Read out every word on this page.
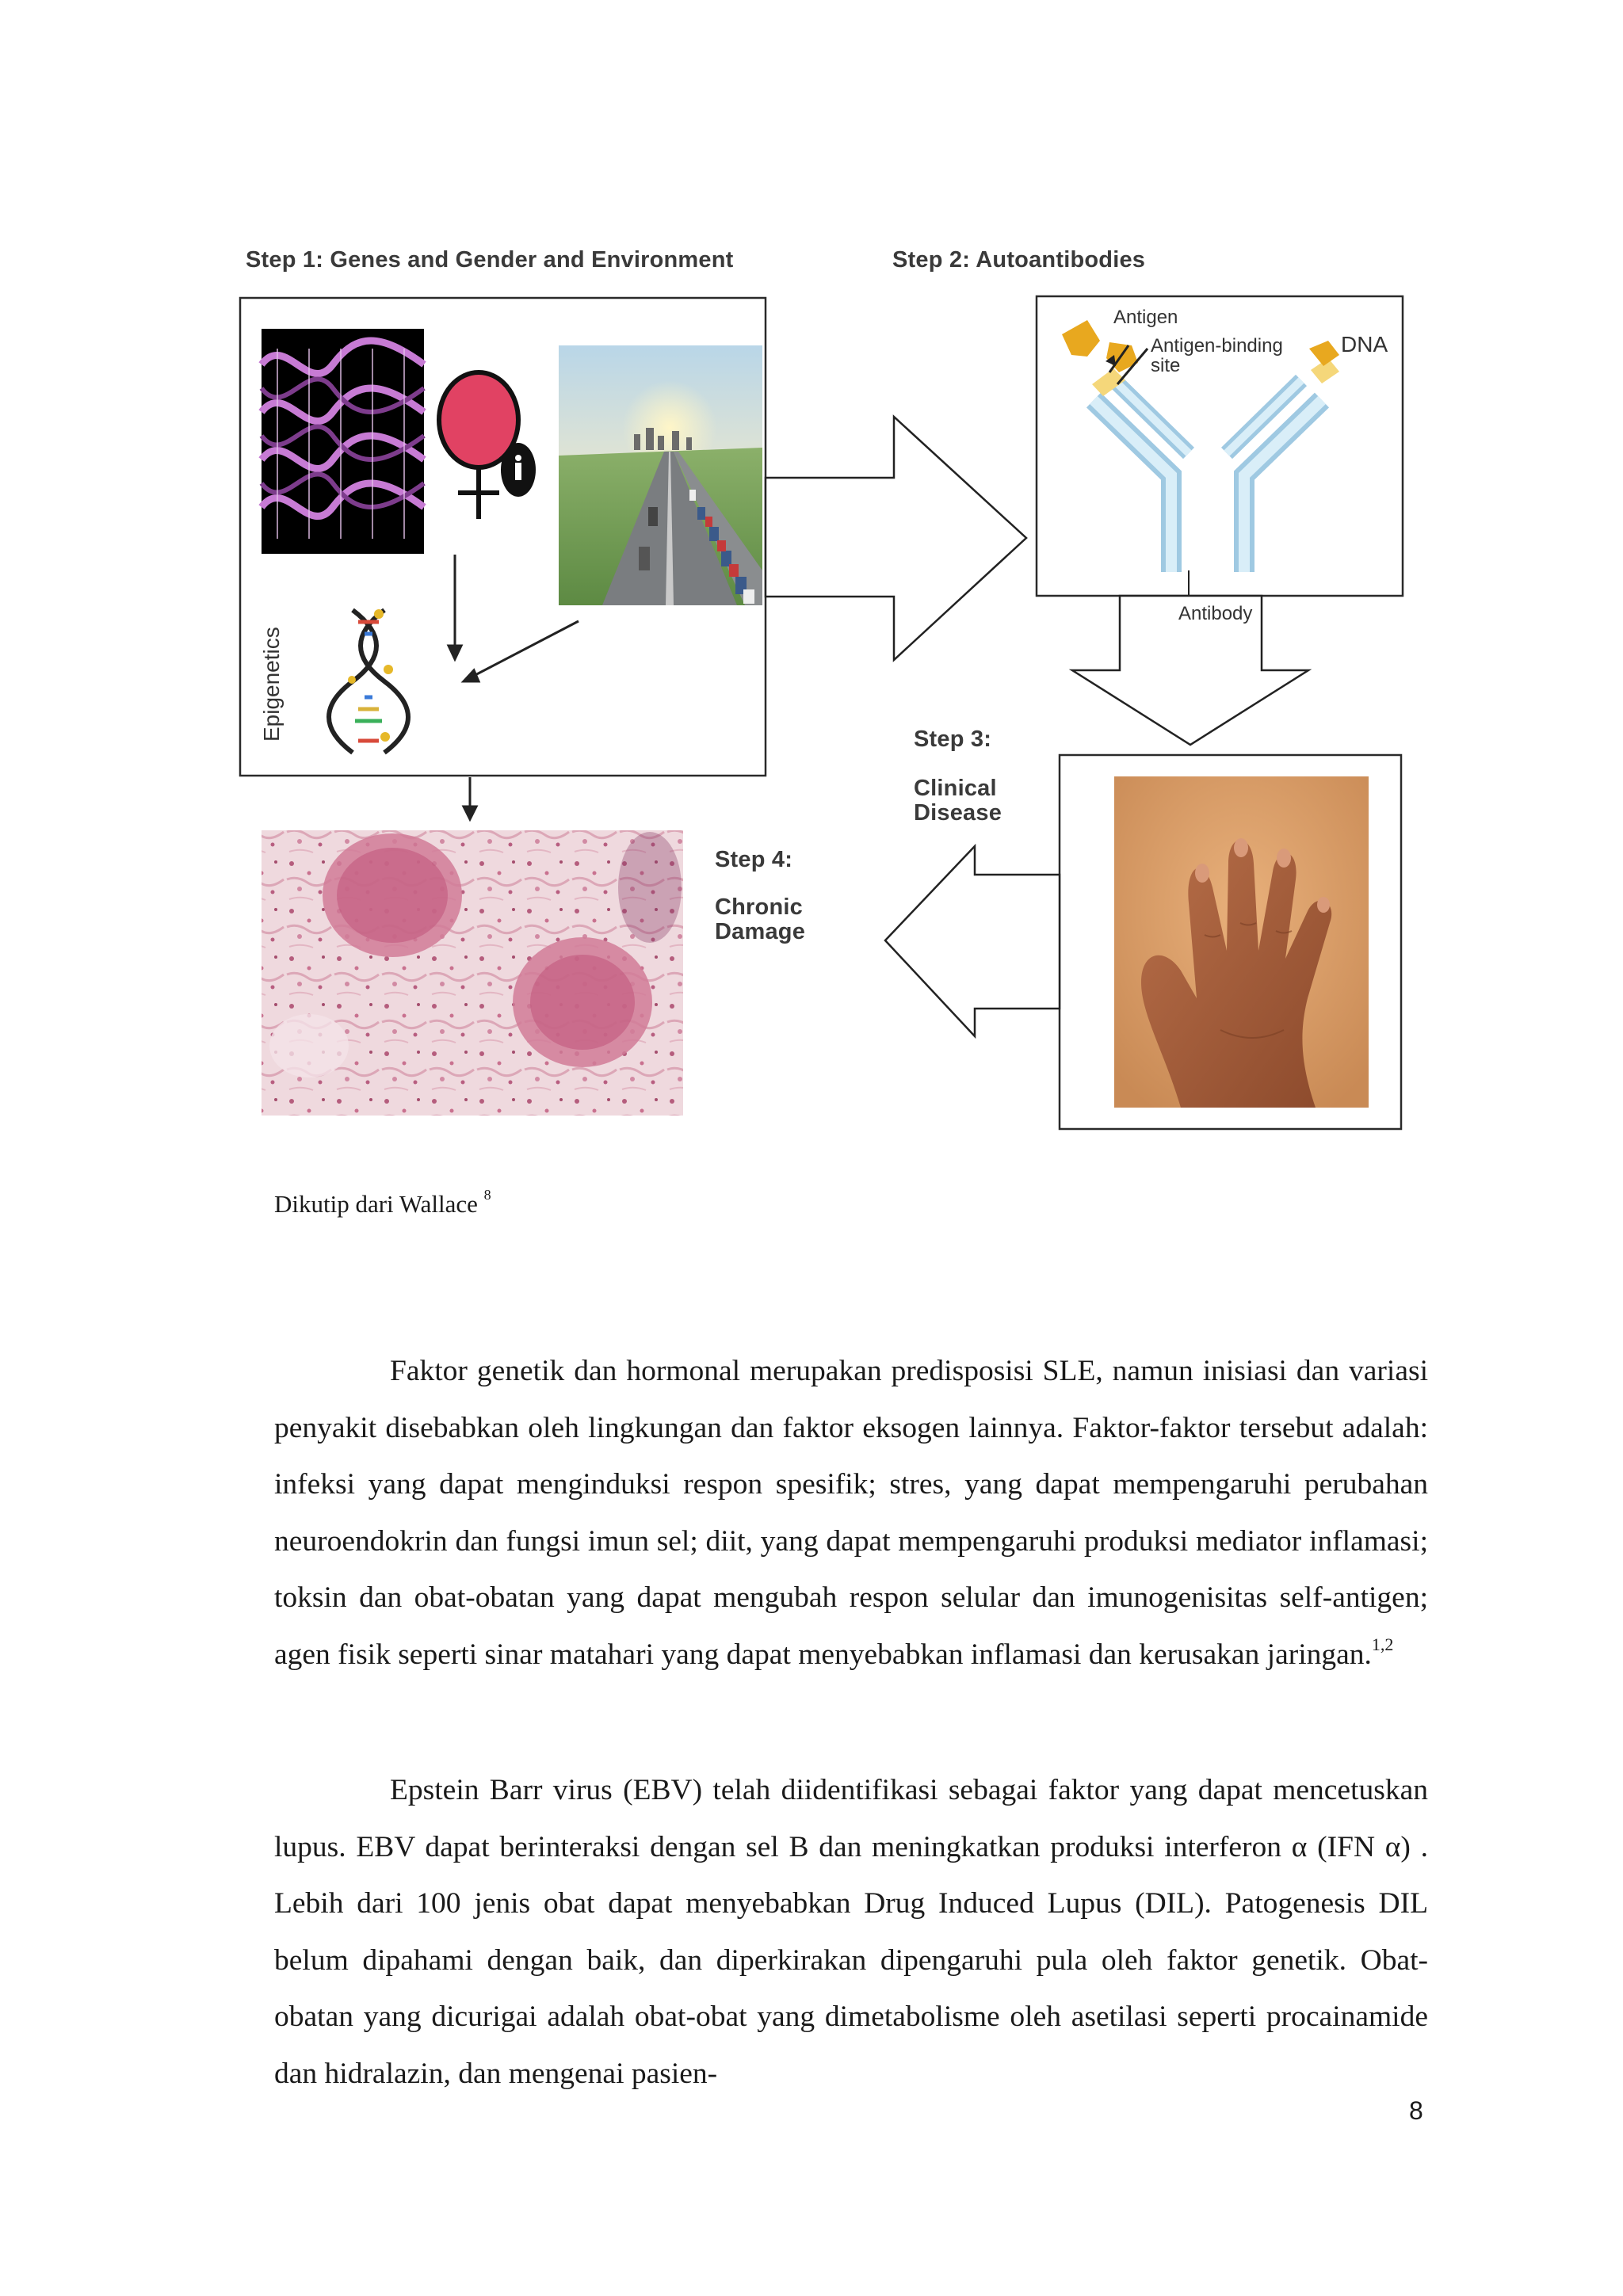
Step 1: Genes and Gender and Environment	Step 2: Autoantibodies
Step 3:
Clinical
Disease
Step 4:
Chronic
Damage
Antigen
Antigen-binding
site
DNA
Antibody
Epigenetics
Dikutip dari Wallace $^8$

Faktor genetik dan hormonal merupakan predisposisi SLE, namun inisiasi dan variasi penyakit disebabkan oleh lingkungan dan faktor eksogen lainnya. Faktor-faktor tersebut adalah: infeksi yang dapat menginduksi respon spesifik; stres, yang dapat mempengaruhi perubahan neuroendokrin dan fungsi imun sel; diit, yang dapat mempengaruhi produksi mediator inflamasi; toksin dan obat-obatan yang dapat mengubah respon selular dan imunogenisitas self-antigen; agen fisik seperti sinar matahari yang dapat menyebabkan inflamasi dan kerusakan jaringan.$^{1,2}$

Epstein Barr virus (EBV) telah diidentifikasi sebagai faktor yang dapat mencetuskan lupus. EBV dapat berinteraksi dengan sel B dan meningkatkan produksi interferon α (IFN α) . Lebih dari 100 jenis obat dapat menyebabkan Drug Induced Lupus (DIL). Patogenesis DIL belum dipahami dengan baik, dan diperkirakan dipengaruhi pula oleh faktor genetik. Obat-obatan yang dicurigai adalah obat-obat yang dimetabolisme oleh asetilasi seperti procainamide dan hidralazin, dan mengenai pasien-

8
